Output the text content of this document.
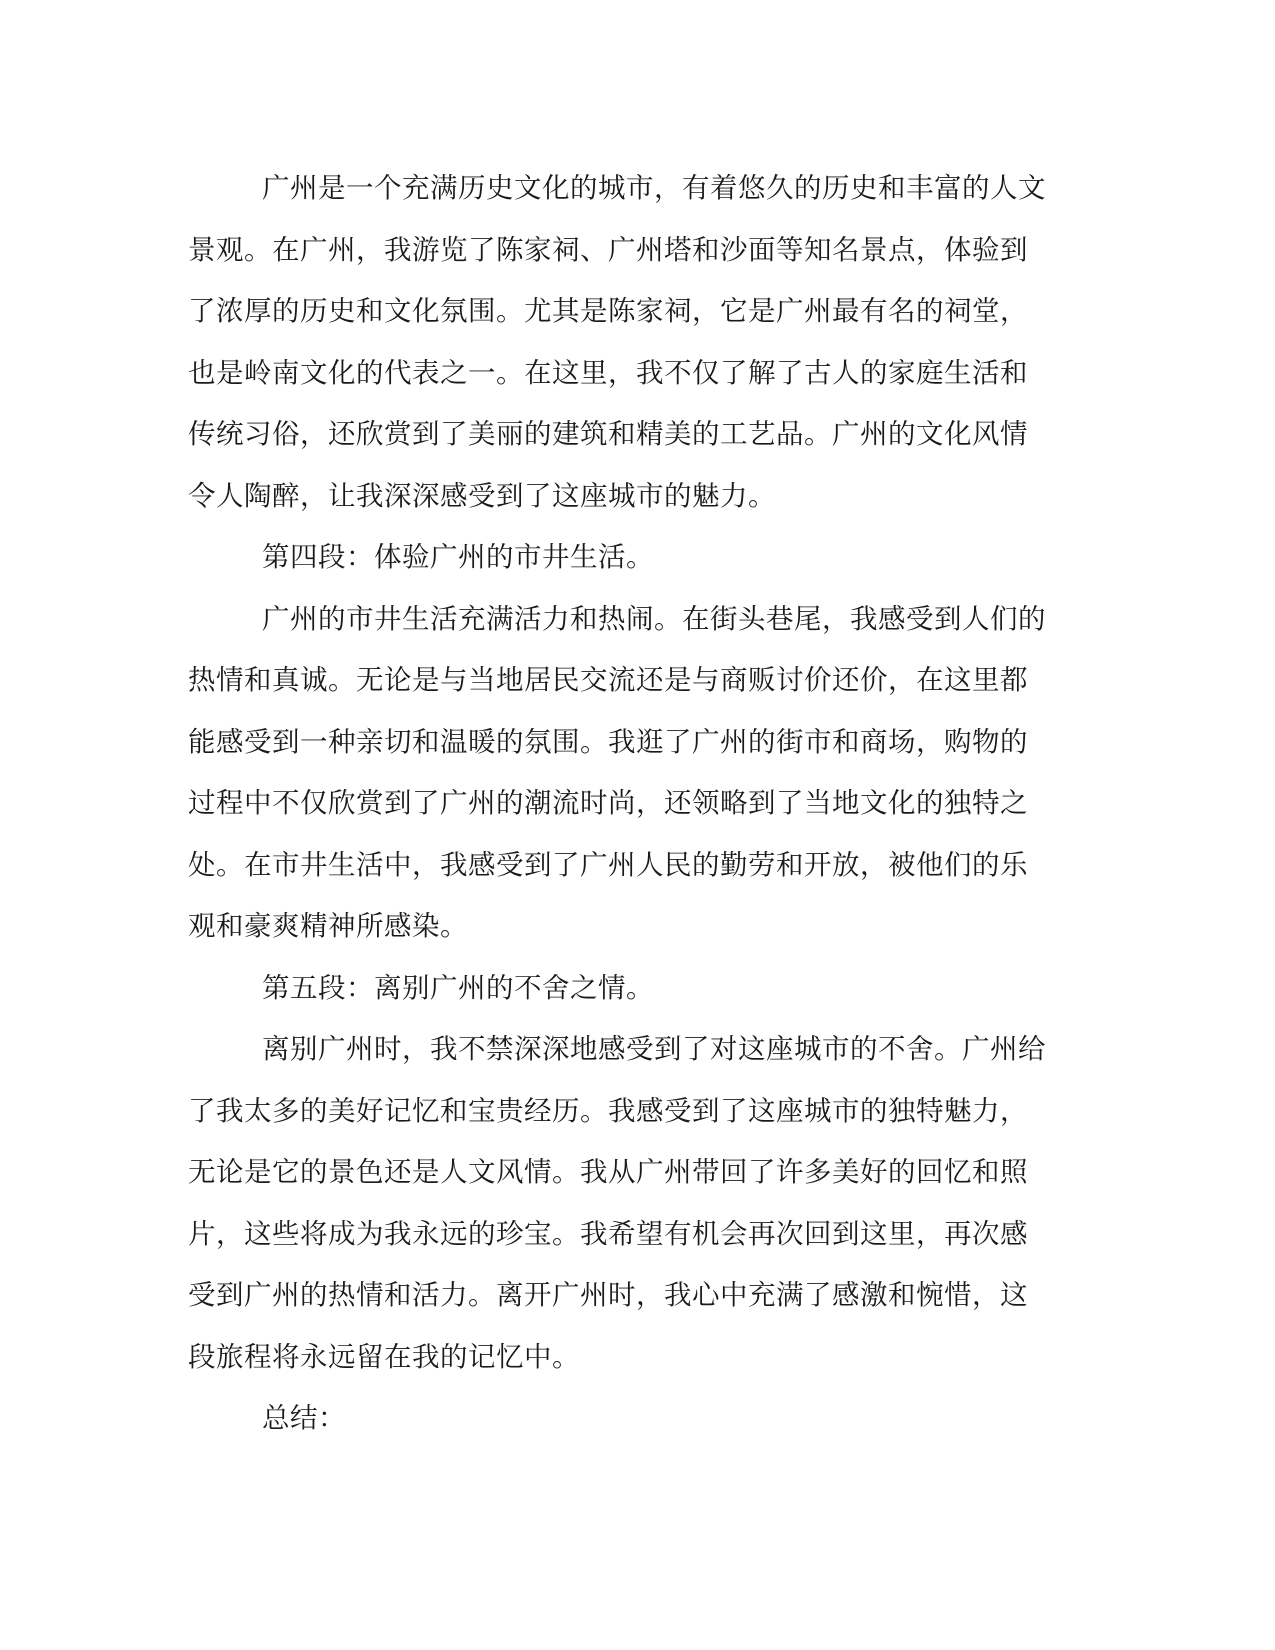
广州是一个充满历史文化的城市，有着悠久的历史和丰富的人文
景观。在广州，我游览了陈家祠、广州塔和沙面等知名景点，体验到
了浓厚的历史和文化氛围。尤其是陈家祠，它是广州最有名的祠堂，
也是岭南文化的代表之一。在这里，我不仅了解了古人的家庭生活和
传统习俗，还欣赏到了美丽的建筑和精美的工艺品。广州的文化风情
令人陶醉，让我深深感受到了这座城市的魅力。
第四段：体验广州的市井生活。
广州的市井生活充满活力和热闹。在街头巷尾，我感受到人们的
热情和真诚。无论是与当地居民交流还是与商贩讨价还价，在这里都
能感受到一种亲切和温暖的氛围。我逛了广州的街市和商场，购物的
过程中不仅欣赏到了广州的潮流时尚，还领略到了当地文化的独特之
处。在市井生活中，我感受到了广州人民的勤劳和开放，被他们的乐
观和豪爽精神所感染。
第五段：离别广州的不舍之情。
离别广州时，我不禁深深地感受到了对这座城市的不舍。广州给
了我太多的美好记忆和宝贵经历。我感受到了这座城市的独特魅力，
无论是它的景色还是人文风情。我从广州带回了许多美好的回忆和照
片，这些将成为我永远的珍宝。我希望有机会再次回到这里，再次感
受到广州的热情和活力。离开广州时，我心中充满了感激和惋惜，这
段旅程将永远留在我的记忆中。
总结：
